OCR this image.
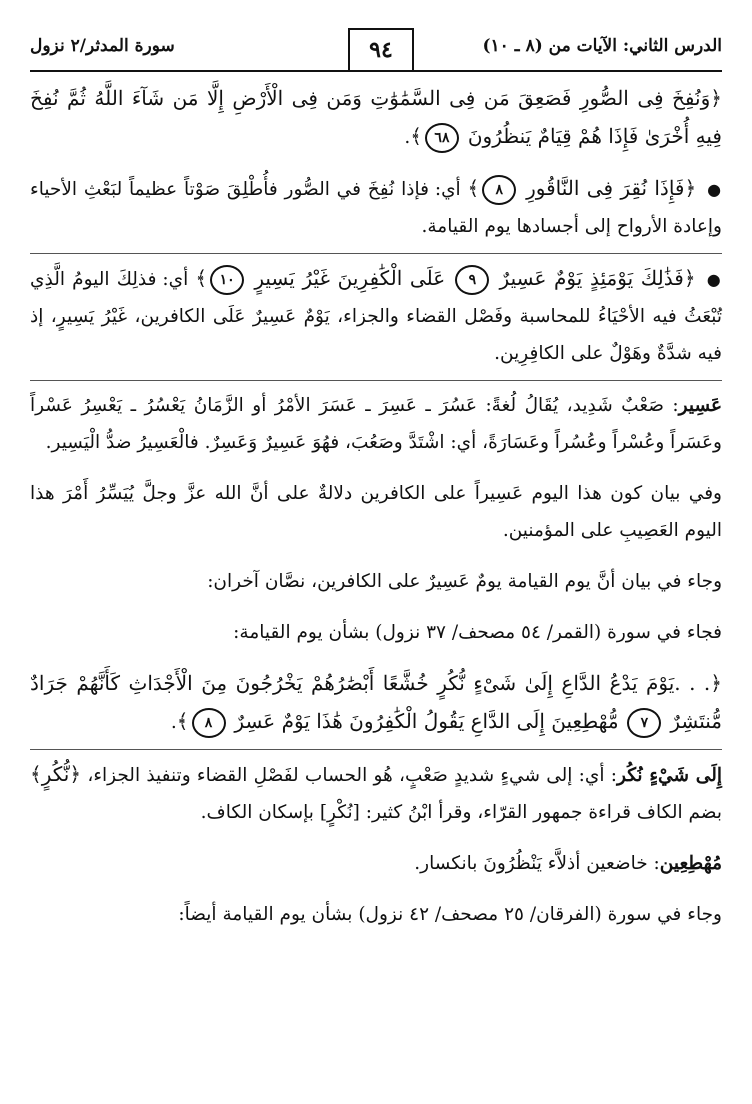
الدرس الثاني: الآيات من (٨ ـ ١٠)
٩٤
سورة المدثر/٢ نزول

﴿وَنُفِخَ فِى الصُّورِ فَصَعِقَ مَن فِى السَّمَٰوَٰتِ وَمَن فِى الْأَرْضِ إِلَّا مَن شَآءَ اللَّهُ ثُمَّ نُفِخَ فِيهِ أُخْرَىٰ فَإِذَا هُمْ قِيَامٌ يَنظُرُونَ ٦٨﴾.

● ﴿فَإِذَا نُقِرَ فِى النَّاقُورِ ٨﴾ أي: فإذا نُفِخَ في الصُّور فأُطْلِقَ صَوْتاً عظيماً لبَعْثِ الأحياء وإعادة الأرواح إلى أجسادها يوم القيامة.

● ﴿فَذَٰلِكَ يَوْمَئِذٍ يَوْمٌ عَسِيرٌ ٩ عَلَى الْكَٰفِرِينَ غَيْرُ يَسِيرٍ ١٠﴾ أي: فذلِكَ اليومُ الَّذِي تُبْعَثُ فيه الأحْيَاءُ للمحاسبة وفَصْل القضاء والجزاء، يَوْمٌ عَسِيرٌ عَلَى الكافرين، غَيْرُ يَسِيرٍ، إذ فيه شدَّةٌ وهَوْلٌ على الكافِرِين.

عَسِير: صَعْبٌ شَدِيد، يُقَالُ لُغةً: عَسُرَ ـ عَسِرَ ـ عَسَرَ الأمْرُ أو الزَّمَانُ يَعْسُرُ ـ يَعْسِرُ عَسْراً وعَسَراً وعُسْراً وعُسُراً وعَسَارَةً، أي: اشْتَدَّ وصَعُبَ، فهُوَ عَسِيرٌ وَعَسِرٌ. فالْعَسِيرُ ضدُّ الْيَسِير.

وفي بيان كون هذا اليوم عَسِيراً على الكافرين دلالةٌ على أنَّ الله عزَّ وجلَّ يُيَسِّرُ أَمْرَ هذا اليوم العَصِيبِ على المؤمنين.

وجاء في بيان أنَّ يوم القيامة يومٌ عَسِيرٌ على الكافرين، نصَّان آخران:

فجاء في سورة (القمر/ ٥٤ مصحف/ ٣٧ نزول) بشأن يوم القيامة:

﴿. . .يَوْمَ يَدْعُ الدَّاعِ إِلَىٰ شَىْءٍ نُّكُرٍ خُشَّعًا أَبْصَٰرُهُمْ يَخْرُجُونَ مِنَ الْأَجْدَاثِ كَأَنَّهُمْ جَرَادٌ مُّنتَشِرٌ ٧ مُّهْطِعِينَ إِلَى الدَّاعِ يَقُولُ الْكَٰفِرُونَ هَٰذَا يَوْمٌ عَسِرٌ ٨﴾.

إِلَى شَيْءٍ نُكُر: أي: إلى شيءٍ شديدٍ صَعْبٍ، هُو الحساب لفَصْلِ القضاء وتنفيذ الجزاء، ﴿نُّكُرٍ﴾ بضم الكاف قراءة جمهور القرّاء، وقرأ ابْنُ كثير: [نُكْرٍ] بإسكان الكاف.

مُهْطِعِين: خاضعين أذلاَّء يَنْظُرُونَ بانكسار.

وجاء في سورة (الفرقان/ ٢٥ مصحف/ ٤٢ نزول) بشأن يوم القيامة أيضاً:
